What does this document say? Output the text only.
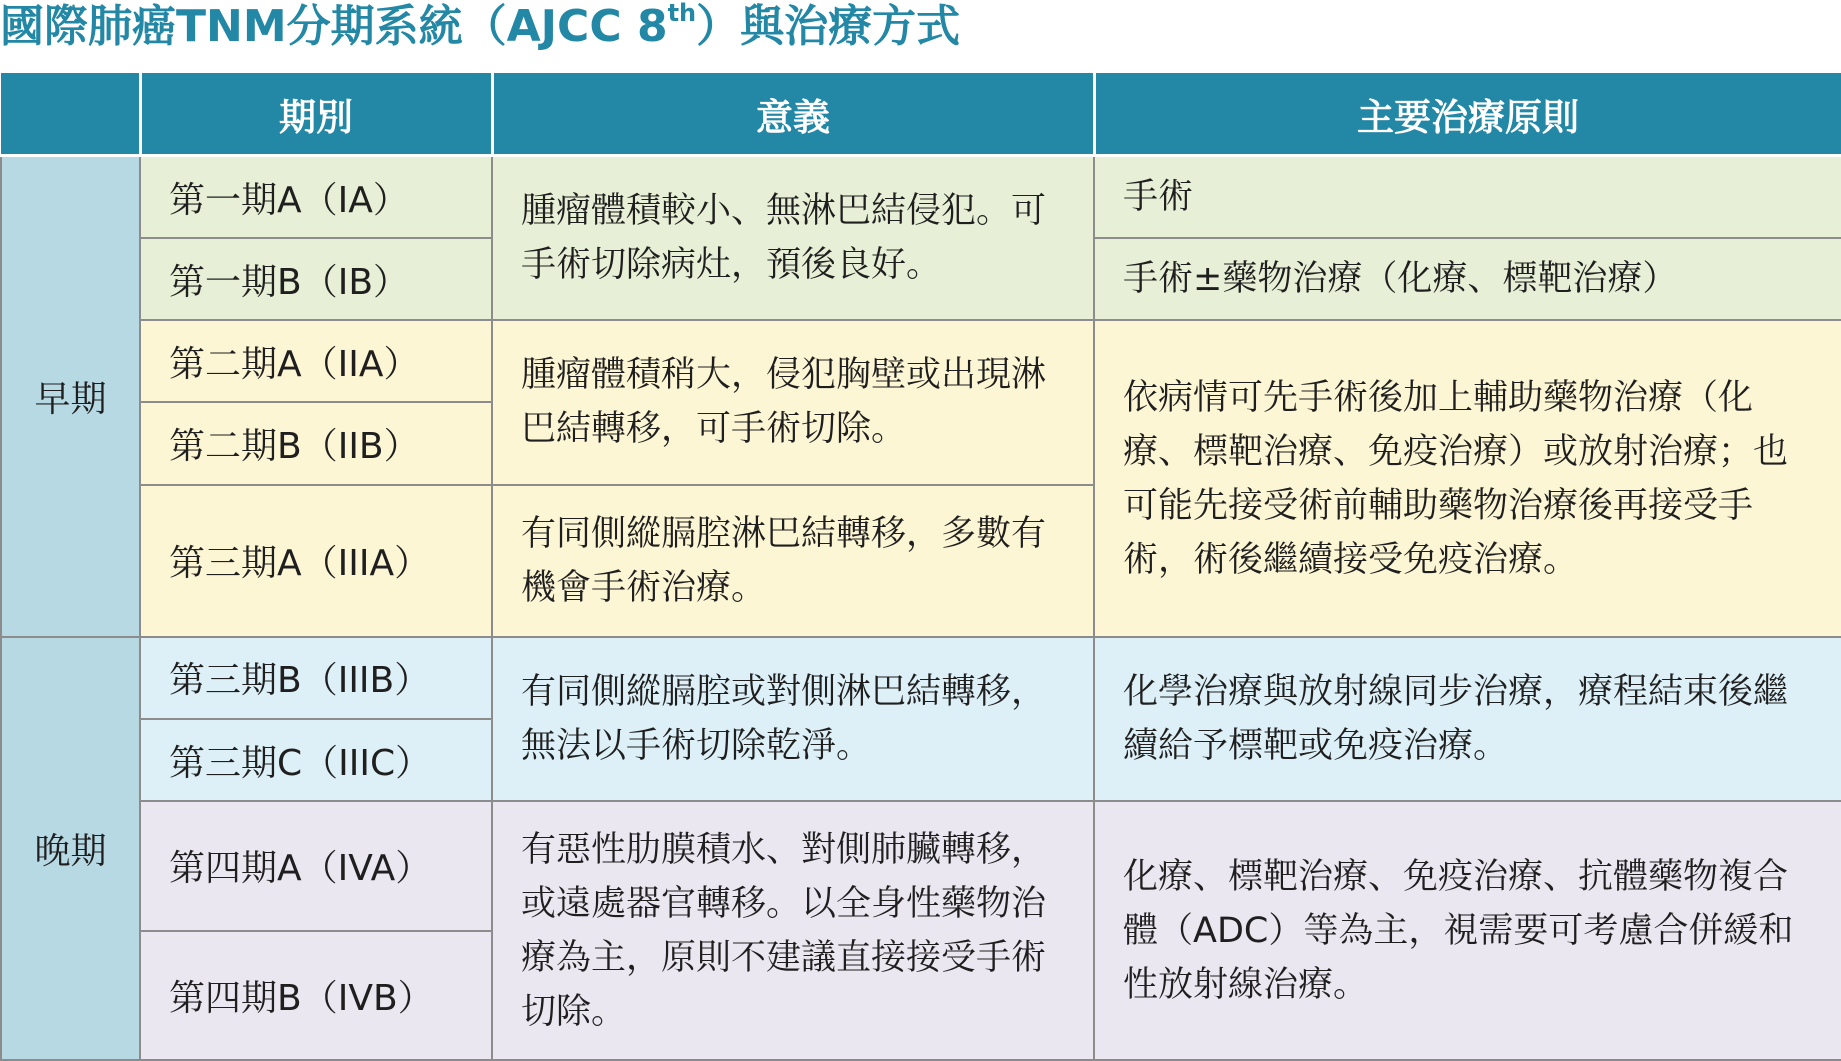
國際肺癌TNM分期系統（AJCC 8th）與治療方式
	期別	意義	主要治療原則
早期	第一期A（IA）	腫瘤體積較小、無淋巴結侵犯。可手術切除病灶，預後良好。	手術
	第一期B（IB）		手術±藥物治療（化療、標靶治療）
	第二期A（IIA）	腫瘤體積稍大，侵犯胸壁或出現淋巴結轉移，可手術切除。	依病情可先手術後加上輔助藥物治療（化療、標靶治療、免疫治療）或放射治療；也可能先接受術前輔助藥物治療後再接受手術，術後繼續接受免疫治療。
	第二期B（IIB）		
	第三期A（IIIA）	有同側縱膈腔淋巴結轉移，多數有機會手術治療。	
晚期	第三期B（IIIB）	有同側縱膈腔或對側淋巴結轉移，無法以手術切除乾淨。	化學治療與放射線同步治療，療程結束後繼續給予標靶或免疫治療。
	第三期C（IIIC）		
	第四期A（IVA）	有惡性肋膜積水、對側肺臟轉移，或遠處器官轉移。以全身性藥物治療為主，原則不建議直接接受手術切除。	化療、標靶治療、免疫治療、抗體藥物複合體（ADC）等為主，視需要可考慮合併緩和性放射線治療。
	第四期B（IVB）		
